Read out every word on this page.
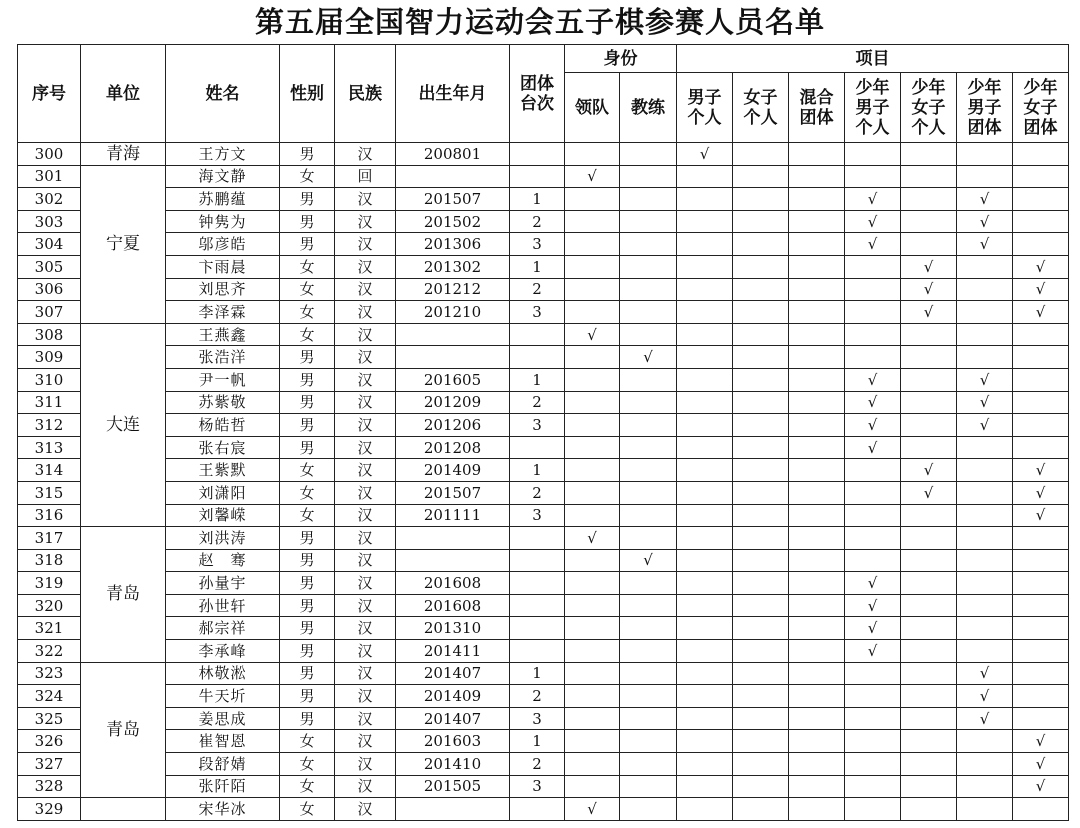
第五届全国智力运动会五子棋参赛人员名单
序号	单位	姓名	性别	民族	出生年月	团体台次	身份		项目						
							领队	教练	男子个人	女子个人	混合团体	少年男子个人	少年女子个人	少年男子团体	少年女子团体
300	青海	王方文	男	汉	200801				√						
301	宁夏	海文静	女	回			√								
302		苏鹏蕴	男	汉	201507	1						√		√	
303		钟隽为	男	汉	201502	2						√		√	
304		邬彦皓	男	汉	201306	3						√		√	
305		卞雨晨	女	汉	201302	1							√		√
306		刘思齐	女	汉	201212	2							√		√
307		李泽霖	女	汉	201210	3							√		√
308	大连	王燕鑫	女	汉			√								
309		张浩洋	男	汉				√							
310		尹一帆	男	汉	201605	1						√		√	
311		苏紫敬	男	汉	201209	2						√		√	
312		杨皓哲	男	汉	201206	3						√		√	
313		张右宸	男	汉	201208							√			
314		王紫默	女	汉	201409	1							√		√
315		刘潇阳	女	汉	201507	2							√		√
316		刘馨嵘	女	汉	201111	3									√
317	青岛	刘洪涛	男	汉			√								
318		赵　骞	男	汉				√							
319		孙量宇	男	汉	201608							√			
320		孙世轩	男	汉	201608							√			
321		郝宗祥	男	汉	201310							√			
322		李承峰	男	汉	201411							√			
323	青岛	林敬淞	男	汉	201407	1								√	
324		牛天圻	男	汉	201409	2								√	
325		姜思成	男	汉	201407	3								√	
326		崔智恩	女	汉	201603	1									√
327		段舒婧	女	汉	201410	2									√
328		张阡陌	女	汉	201505	3									√
329		宋华冰	女	汉			√								
